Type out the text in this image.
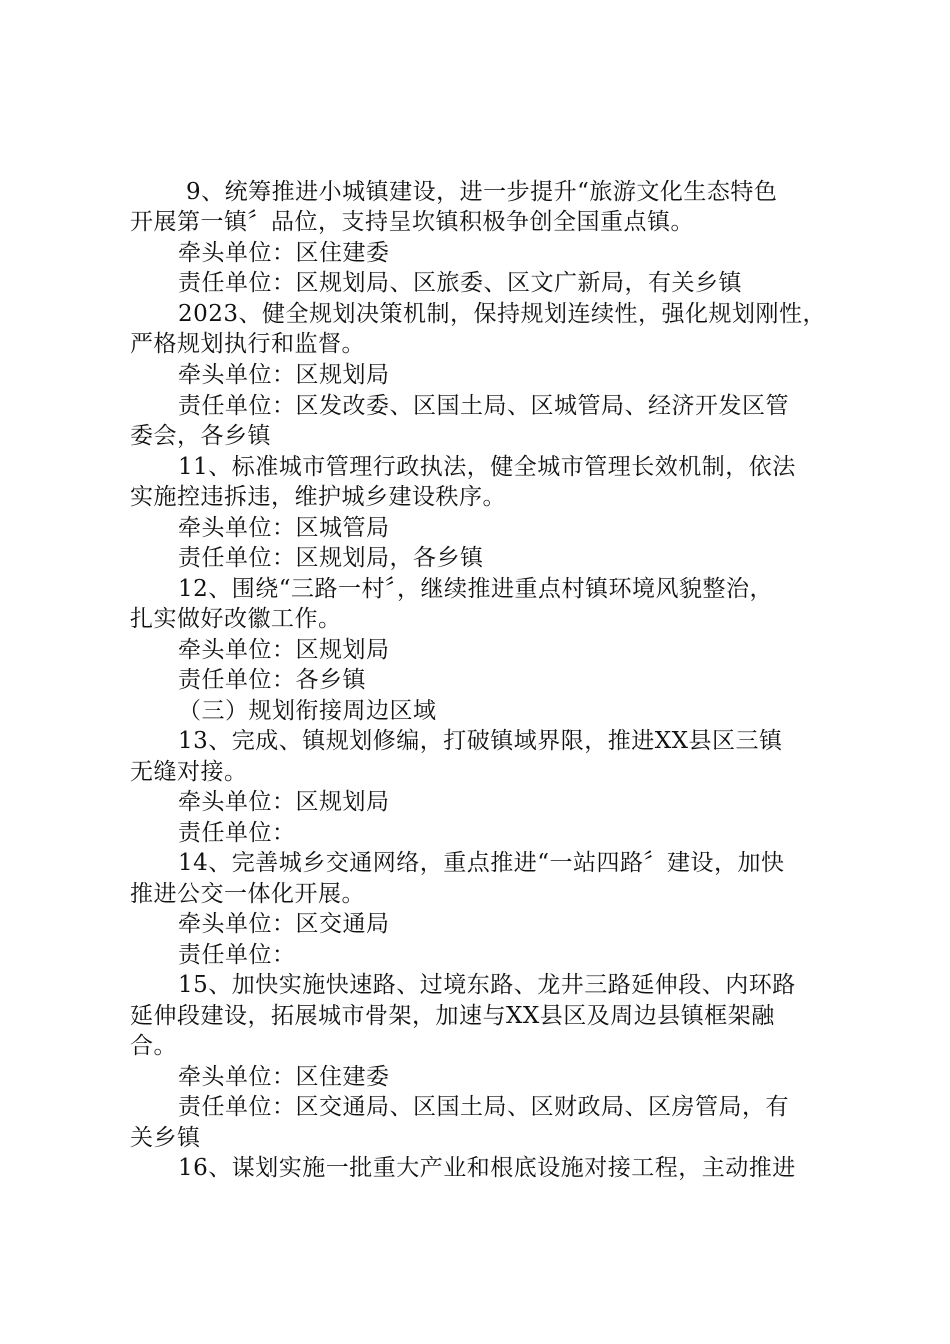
9、统筹推进小城镇建设，进一步提升“旅游文化生态特色
开展第一镇〞品位，支持呈坎镇积极争创全国重点镇。
牵头单位：区住建委
责任单位：区规划局、区旅委、区文广新局，有关乡镇
2023、健全规划决策机制，保持规划连续性，强化规划刚性，
严格规划执行和监督。
牵头单位：区规划局
责任单位：区发改委、区国土局、区城管局、经济开发区管
委会，各乡镇
11、标准城市管理行政执法，健全城市管理长效机制，依法
实施控违拆违，维护城乡建设秩序。
牵头单位：区城管局
责任单位：区规划局，各乡镇
12、围绕“三路一村〞，继续推进重点村镇环境风貌整治，
扎实做好改徽工作。
牵头单位：区规划局
责任单位：各乡镇
（三）规划衔接周边区域
13、完成、镇规划修编，打破镇域界限，推进XX县区三镇
无缝对接。
牵头单位：区规划局
责任单位：
14、完善城乡交通网络，重点推进“一站四路〞建设，加快
推进公交一体化开展。
牵头单位：区交通局
责任单位：
15、加快实施快速路、过境东路、龙井三路延伸段、内环路
延伸段建设，拓展城市骨架，加速与XX县区及周边县镇框架融
合。
牵头单位：区住建委
责任单位：区交通局、区国土局、区财政局、区房管局，有
关乡镇
16、谋划实施一批重大产业和根底设施对接工程，主动推进
